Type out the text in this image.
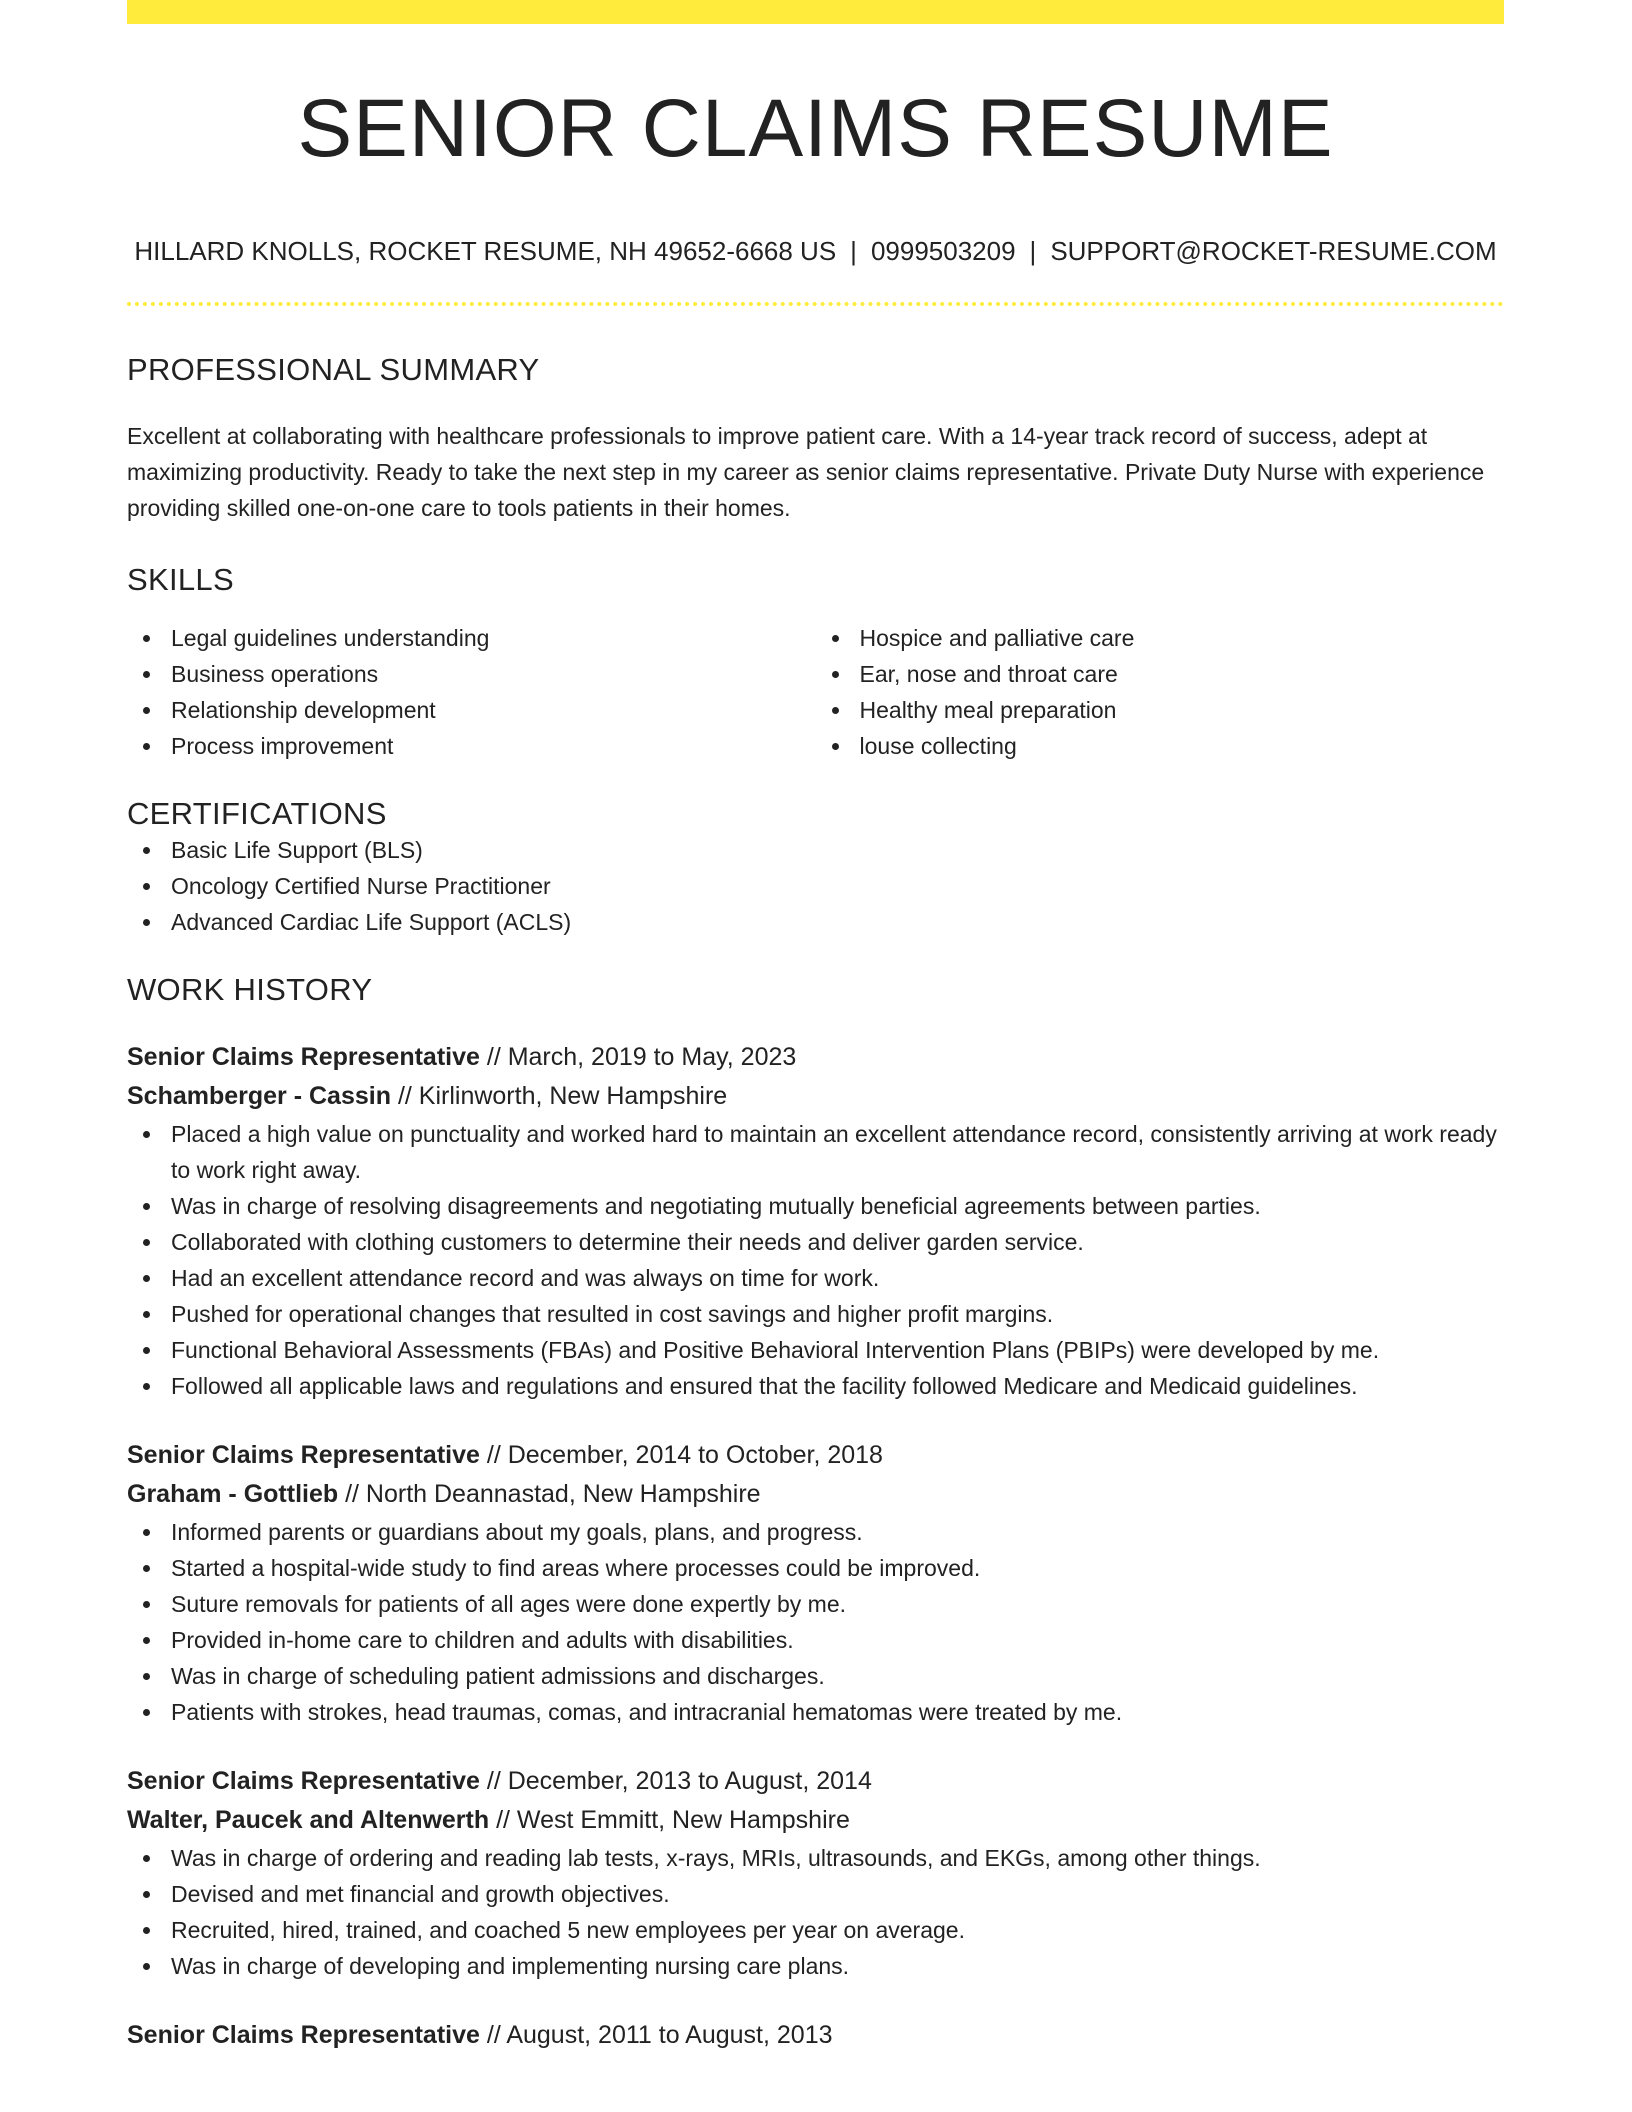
SENIOR CLAIMS RESUME
HILLARD KNOLLS, ROCKET RESUME, NH 49652-6668 US | 0999503209 | SUPPORT@ROCKET-RESUME.COM
PROFESSIONAL SUMMARY

Excellent at collaborating with healthcare professionals to improve patient care. With a 14-year track record of success, adept at maximizing productivity. Ready to take the next step in my career as senior claims representative. Private Duty Nurse with experience providing skilled one-on-one care to tools patients in their homes.

SKILLS
Legal guidelines understanding
Business operations
Relationship development
Process improvement
Hospice and palliative care
Ear, nose and throat care
Healthy meal preparation
louse collecting
CERTIFICATIONS
Basic Life Support (BLS)
Oncology Certified Nurse Practitioner
Advanced Cardiac Life Support (ACLS)
WORK HISTORY
Senior Claims Representative // March, 2019 to May, 2023
Schamberger - Cassin // Kirlinworth, New Hampshire
Placed a high value on punctuality and worked hard to maintain an excellent attendance record, consistently arriving at work ready to work right away.
Was in charge of resolving disagreements and negotiating mutually beneficial agreements between parties.
Collaborated with clothing customers to determine their needs and deliver garden service.
Had an excellent attendance record and was always on time for work.
Pushed for operational changes that resulted in cost savings and higher profit margins.
Functional Behavioral Assessments (FBAs) and Positive Behavioral Intervention Plans (PBIPs) were developed by me.
Followed all applicable laws and regulations and ensured that the facility followed Medicare and Medicaid guidelines.
Senior Claims Representative // December, 2014 to October, 2018
Graham - Gottlieb // North Deannastad, New Hampshire
Informed parents or guardians about my goals, plans, and progress.
Started a hospital-wide study to find areas where processes could be improved.
Suture removals for patients of all ages were done expertly by me.
Provided in-home care to children and adults with disabilities.
Was in charge of scheduling patient admissions and discharges.
Patients with strokes, head traumas, comas, and intracranial hematomas were treated by me.
Senior Claims Representative // December, 2013 to August, 2014
Walter, Paucek and Altenwerth // West Emmitt, New Hampshire
Was in charge of ordering and reading lab tests, x-rays, MRIs, ultrasounds, and EKGs, among other things.
Devised and met financial and growth objectives.
Recruited, hired, trained, and coached 5 new employees per year on average.
Was in charge of developing and implementing nursing care plans.
Senior Claims Representative // August, 2011 to August, 2013
